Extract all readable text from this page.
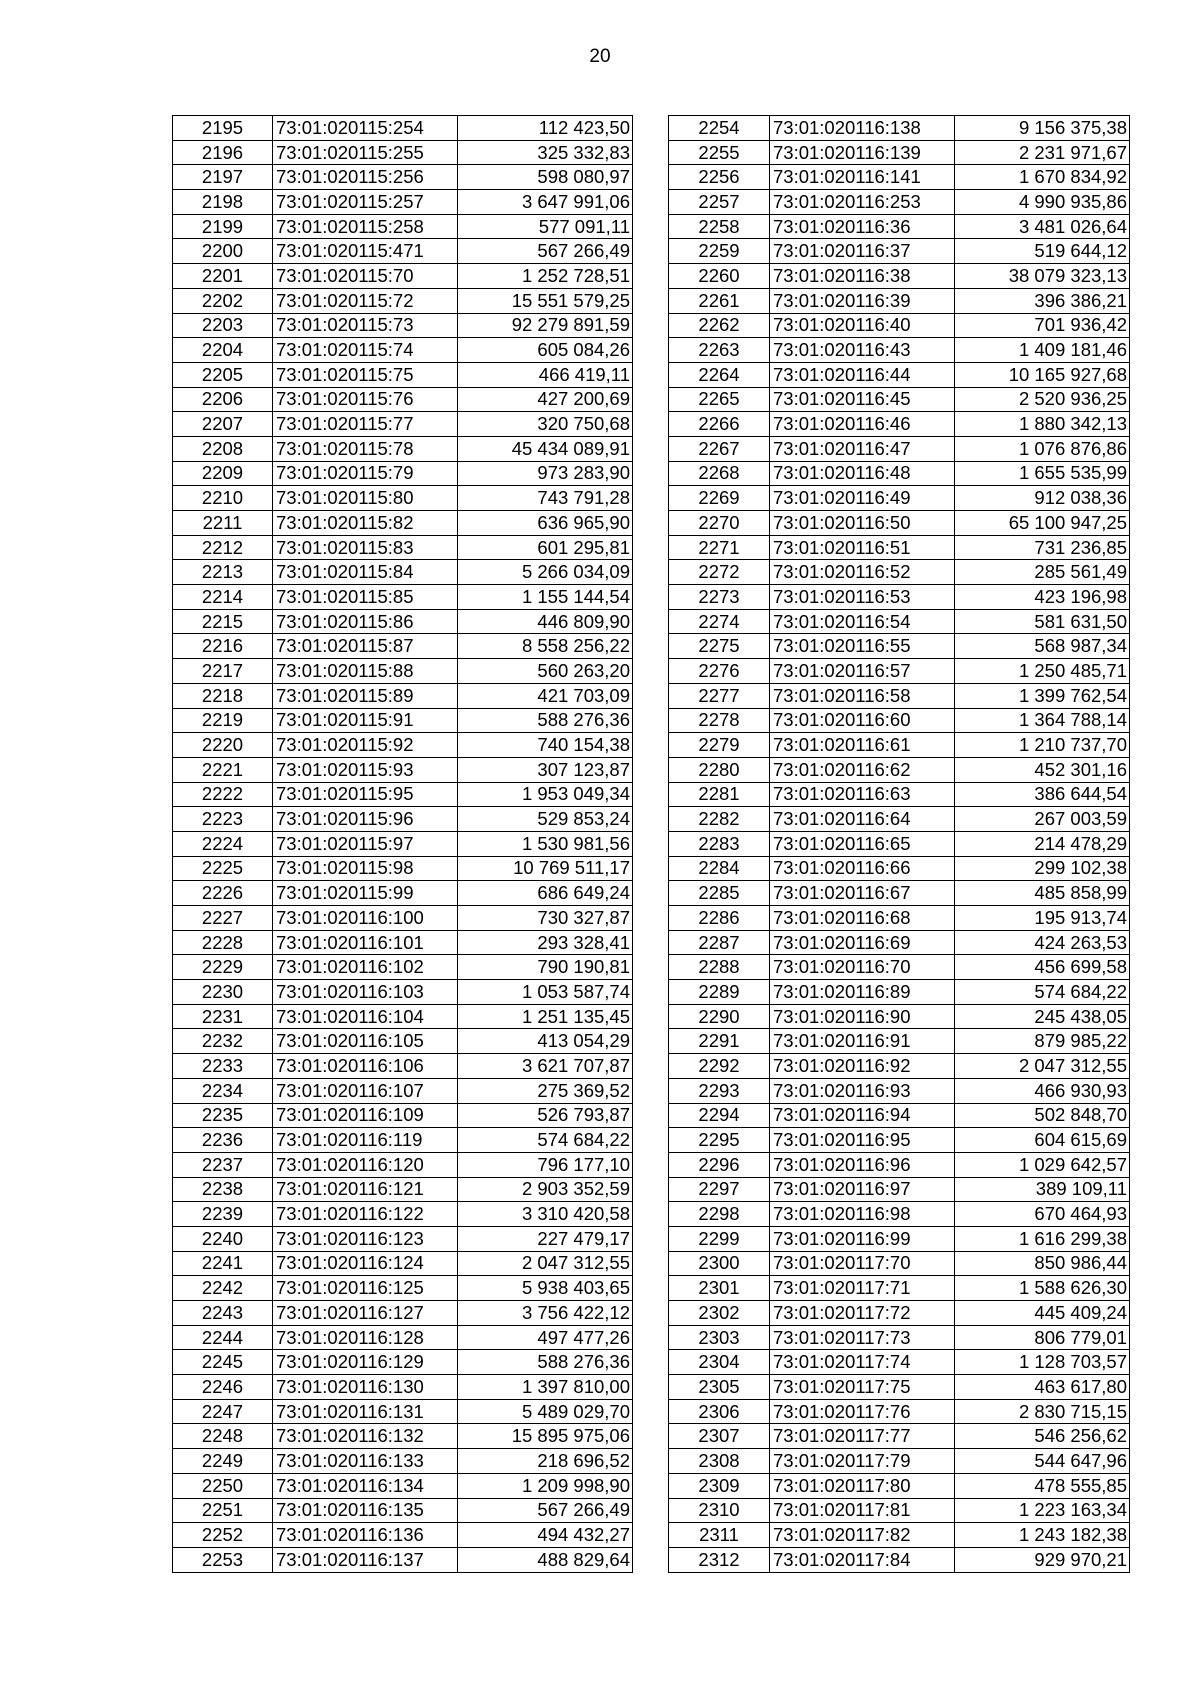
20
2195	73:01:020115:254	112 423,50
2196	73:01:020115:255	325 332,83
2197	73:01:020115:256	598 080,97
2198	73:01:020115:257	3 647 991,06
2199	73:01:020115:258	577 091,11
2200	73:01:020115:471	567 266,49
2201	73:01:020115:70	1 252 728,51
2202	73:01:020115:72	15 551 579,25
2203	73:01:020115:73	92 279 891,59
2204	73:01:020115:74	605 084,26
2205	73:01:020115:75	466 419,11
2206	73:01:020115:76	427 200,69
2207	73:01:020115:77	320 750,68
2208	73:01:020115:78	45 434 089,91
2209	73:01:020115:79	973 283,90
2210	73:01:020115:80	743 791,28
2211	73:01:020115:82	636 965,90
2212	73:01:020115:83	601 295,81
2213	73:01:020115:84	5 266 034,09
2214	73:01:020115:85	1 155 144,54
2215	73:01:020115:86	446 809,90
2216	73:01:020115:87	8 558 256,22
2217	73:01:020115:88	560 263,20
2218	73:01:020115:89	421 703,09
2219	73:01:020115:91	588 276,36
2220	73:01:020115:92	740 154,38
2221	73:01:020115:93	307 123,87
2222	73:01:020115:95	1 953 049,34
2223	73:01:020115:96	529 853,24
2224	73:01:020115:97	1 530 981,56
2225	73:01:020115:98	10 769 511,17
2226	73:01:020115:99	686 649,24
2227	73:01:020116:100	730 327,87
2228	73:01:020116:101	293 328,41
2229	73:01:020116:102	790 190,81
2230	73:01:020116:103	1 053 587,74
2231	73:01:020116:104	1 251 135,45
2232	73:01:020116:105	413 054,29
2233	73:01:020116:106	3 621 707,87
2234	73:01:020116:107	275 369,52
2235	73:01:020116:109	526 793,87
2236	73:01:020116:119	574 684,22
2237	73:01:020116:120	796 177,10
2238	73:01:020116:121	2 903 352,59
2239	73:01:020116:122	3 310 420,58
2240	73:01:020116:123	227 479,17
2241	73:01:020116:124	2 047 312,55
2242	73:01:020116:125	5 938 403,65
2243	73:01:020116:127	3 756 422,12
2244	73:01:020116:128	497 477,26
2245	73:01:020116:129	588 276,36
2246	73:01:020116:130	1 397 810,00
2247	73:01:020116:131	5 489 029,70
2248	73:01:020116:132	15 895 975,06
2249	73:01:020116:133	218 696,52
2250	73:01:020116:134	1 209 998,90
2251	73:01:020116:135	567 266,49
2252	73:01:020116:136	494 432,27
2253	73:01:020116:137	488 829,64
2254	73:01:020116:138	9 156 375,38
2255	73:01:020116:139	2 231 971,67
2256	73:01:020116:141	1 670 834,92
2257	73:01:020116:253	4 990 935,86
2258	73:01:020116:36	3 481 026,64
2259	73:01:020116:37	519 644,12
2260	73:01:020116:38	38 079 323,13
2261	73:01:020116:39	396 386,21
2262	73:01:020116:40	701 936,42
2263	73:01:020116:43	1 409 181,46
2264	73:01:020116:44	10 165 927,68
2265	73:01:020116:45	2 520 936,25
2266	73:01:020116:46	1 880 342,13
2267	73:01:020116:47	1 076 876,86
2268	73:01:020116:48	1 655 535,99
2269	73:01:020116:49	912 038,36
2270	73:01:020116:50	65 100 947,25
2271	73:01:020116:51	731 236,85
2272	73:01:020116:52	285 561,49
2273	73:01:020116:53	423 196,98
2274	73:01:020116:54	581 631,50
2275	73:01:020116:55	568 987,34
2276	73:01:020116:57	1 250 485,71
2277	73:01:020116:58	1 399 762,54
2278	73:01:020116:60	1 364 788,14
2279	73:01:020116:61	1 210 737,70
2280	73:01:020116:62	452 301,16
2281	73:01:020116:63	386 644,54
2282	73:01:020116:64	267 003,59
2283	73:01:020116:65	214 478,29
2284	73:01:020116:66	299 102,38
2285	73:01:020116:67	485 858,99
2286	73:01:020116:68	195 913,74
2287	73:01:020116:69	424 263,53
2288	73:01:020116:70	456 699,58
2289	73:01:020116:89	574 684,22
2290	73:01:020116:90	245 438,05
2291	73:01:020116:91	879 985,22
2292	73:01:020116:92	2 047 312,55
2293	73:01:020116:93	466 930,93
2294	73:01:020116:94	502 848,70
2295	73:01:020116:95	604 615,69
2296	73:01:020116:96	1 029 642,57
2297	73:01:020116:97	389 109,11
2298	73:01:020116:98	670 464,93
2299	73:01:020116:99	1 616 299,38
2300	73:01:020117:70	850 986,44
2301	73:01:020117:71	1 588 626,30
2302	73:01:020117:72	445 409,24
2303	73:01:020117:73	806 779,01
2304	73:01:020117:74	1 128 703,57
2305	73:01:020117:75	463 617,80
2306	73:01:020117:76	2 830 715,15
2307	73:01:020117:77	546 256,62
2308	73:01:020117:79	544 647,96
2309	73:01:020117:80	478 555,85
2310	73:01:020117:81	1 223 163,34
2311	73:01:020117:82	1 243 182,38
2312	73:01:020117:84	929 970,21
